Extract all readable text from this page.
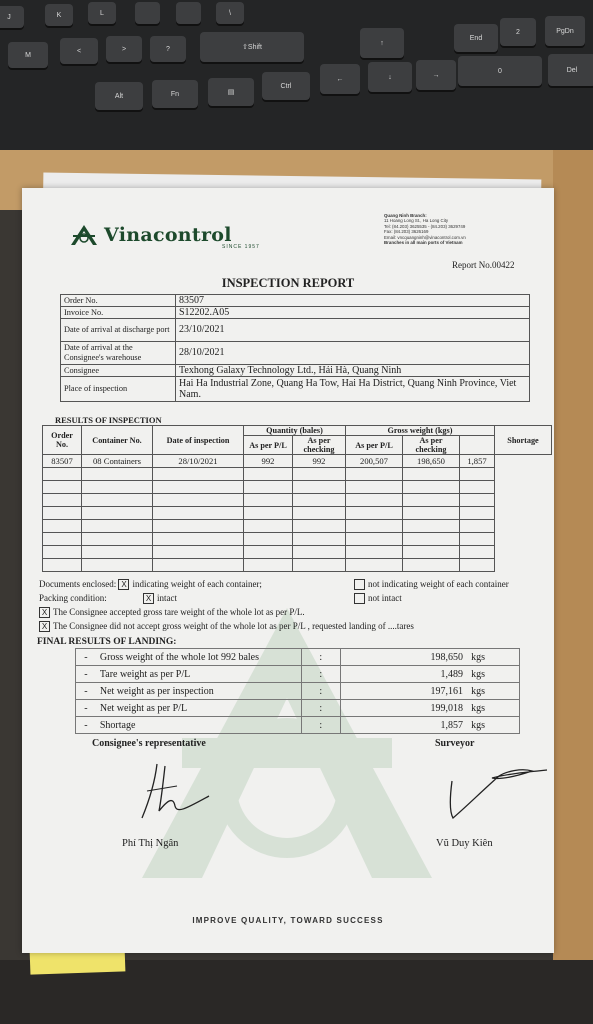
J	K	L	\
M
<	>	?	⇧Shift
↑
End
2	PgDn
Alt	Fn	▤
Ctrl
←	↓	→
0	Del
Vinacontrol
SINCE 1957
Quang Ninh Branch:
11 Hoang Long St., Ha Long City
Tel: (84.203) 3625535 - (84.203) 3629749
Fax: (84.203) 3626169
Email: vncquangninh@vinacontrol.com.vn
Branches in all main ports of Vietnam
Report No.00422
INSPECTION REPORT
Order No.	83507
Invoice No.	S12202.A05
Date of arrival at discharge port	23/10/2021
Date of arrival at the Consignee's warehouse	28/10/2021
Consignee	Texhong Galaxy Technology Ltd., Hải Hà, Quang Ninh
Place of inspection	Hai Ha Industrial Zone, Quang Ha Tow, Hai Ha District, Quang Ninh Province, Viet Nam.
RESULTS OF INSPECTION
Order No.	Container No.	Date of inspection	Quantity (bales)		Gross weight (kgs)			Shortage
			As per P/L	As per checking	As per P/L	As per checking	
83507	08 Containers	28/10/2021	992	992	200,507	198,650	1,857	

Documents enclosed: X indicating weight of each container;	not indicating weight of each container
Packing condition:	X intact	not intact
X The Consignee accepted gross tare weight of the whole lot as per P/L.
X The Consignee did not accept gross weight of the whole lot as per P/L , requested landing of ....tares
FINAL RESULTS OF LANDING:
-	Gross weight of the whole lot 992 bales	:	198,650 kgs

-	Tare weight as per P/L	:	1,489 kgs

-	Net weight as per inspection	:	197,161 kgs

-	Net weight as per P/L	:	199,018 kgs

-	Shortage	:	1,857 kgs
Consignee's representative	Surveyor
Phí Thị Ngân	Vũ Duy Kiên
IMPROVE QUALITY, TOWARD SUCCESS
